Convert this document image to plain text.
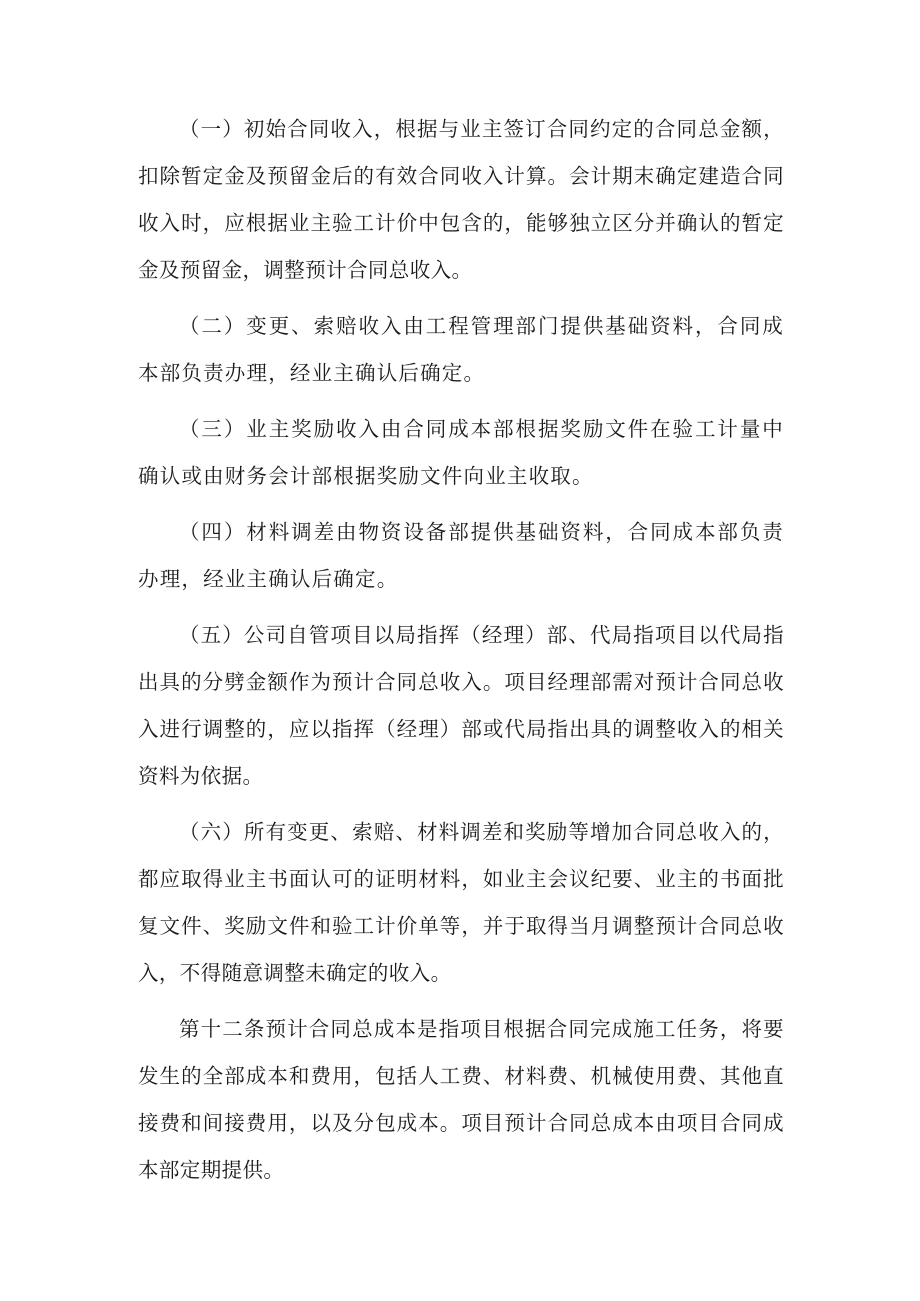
（一）初始合同收入，根据与业主签订合同约定的合同总金额，扣除暂定金及预留金后的有效合同收入计算。会计期末确定建造合同收入时，应根据业主验工计价中包含的，能够独立区分并确认的暂定金及预留金，调整预计合同总收入。

（二）变更、索赔收入由工程管理部门提供基础资料，合同成本部负责办理，经业主确认后确定。

（三）业主奖励收入由合同成本部根据奖励文件在验工计量中确认或由财务会计部根据奖励文件向业主收取。

（四）材料调差由物资设备部提供基础资料，合同成本部负责办理，经业主确认后确定。

（五）公司自管项目以局指挥（经理）部、代局指项目以代局指出具的分劈金额作为预计合同总收入。项目经理部需对预计合同总收入进行调整的，应以指挥（经理）部或代局指出具的调整收入的相关资料为依据。

（六）所有变更、索赔、材料调差和奖励等增加合同总收入的，都应取得业主书面认可的证明材料，如业主会议纪要、业主的书面批复文件、奖励文件和验工计价单等，并于取得当月调整预计合同总收入，不得随意调整未确定的收入。

第十二条预计合同总成本是指项目根据合同完成施工任务，将要发生的全部成本和费用，包括人工费、材料费、机械使用费、其他直接费和间接费用，以及分包成本。项目预计合同总成本由项目合同成本部定期提供。
